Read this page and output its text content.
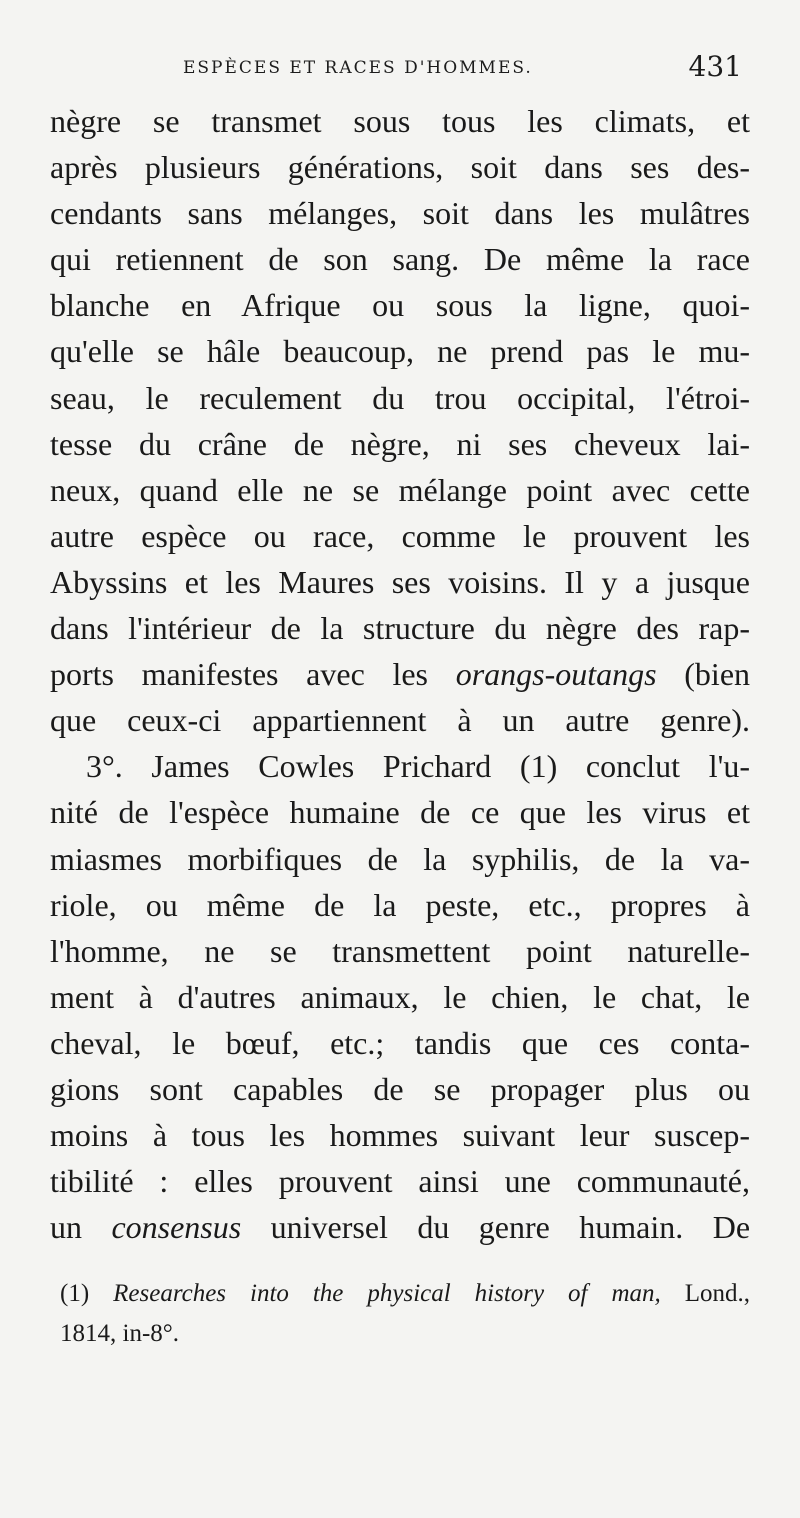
ESPÈCES ET RACES D'HOMMES.	431
nègre se transmet sous tous les climats, et
après plusieurs générations, soit dans ses des-
cendants sans mélanges, soit dans les mulâtres
qui retiennent de son sang. De même la race
blanche en Afrique ou sous la ligne, quoi-
qu'elle se hâle beaucoup, ne prend pas le mu-
seau, le reculement du trou occipital, l'étroi-
tesse du crâne de nègre, ni ses cheveux lai-
neux, quand elle ne se mélange point avec cette
autre espèce ou race, comme le prouvent les
Abyssins et les Maures ses voisins. Il y a jusque
dans l'intérieur de la structure du nègre des rap-
ports manifestes avec les orangs-outangs (bien
que ceux-ci appartiennent à un autre genre).
3°. James Cowles Prichard (1) conclut l'u-
nité de l'espèce humaine de ce que les virus et
miasmes morbifiques de la syphilis, de la va-
riole, ou même de la peste, etc., propres à
l'homme, ne se transmettent point naturelle-
ment à d'autres animaux, le chien, le chat, le
cheval, le bœuf, etc.; tandis que ces conta-
gions sont capables de se propager plus ou
moins à tous les hommes suivant leur suscep-
tibilité : elles prouvent ainsi une communauté,
un consensus universel du genre humain. De
(1) Researches into the physical history of man, Lond.,
1814, in-8°.
